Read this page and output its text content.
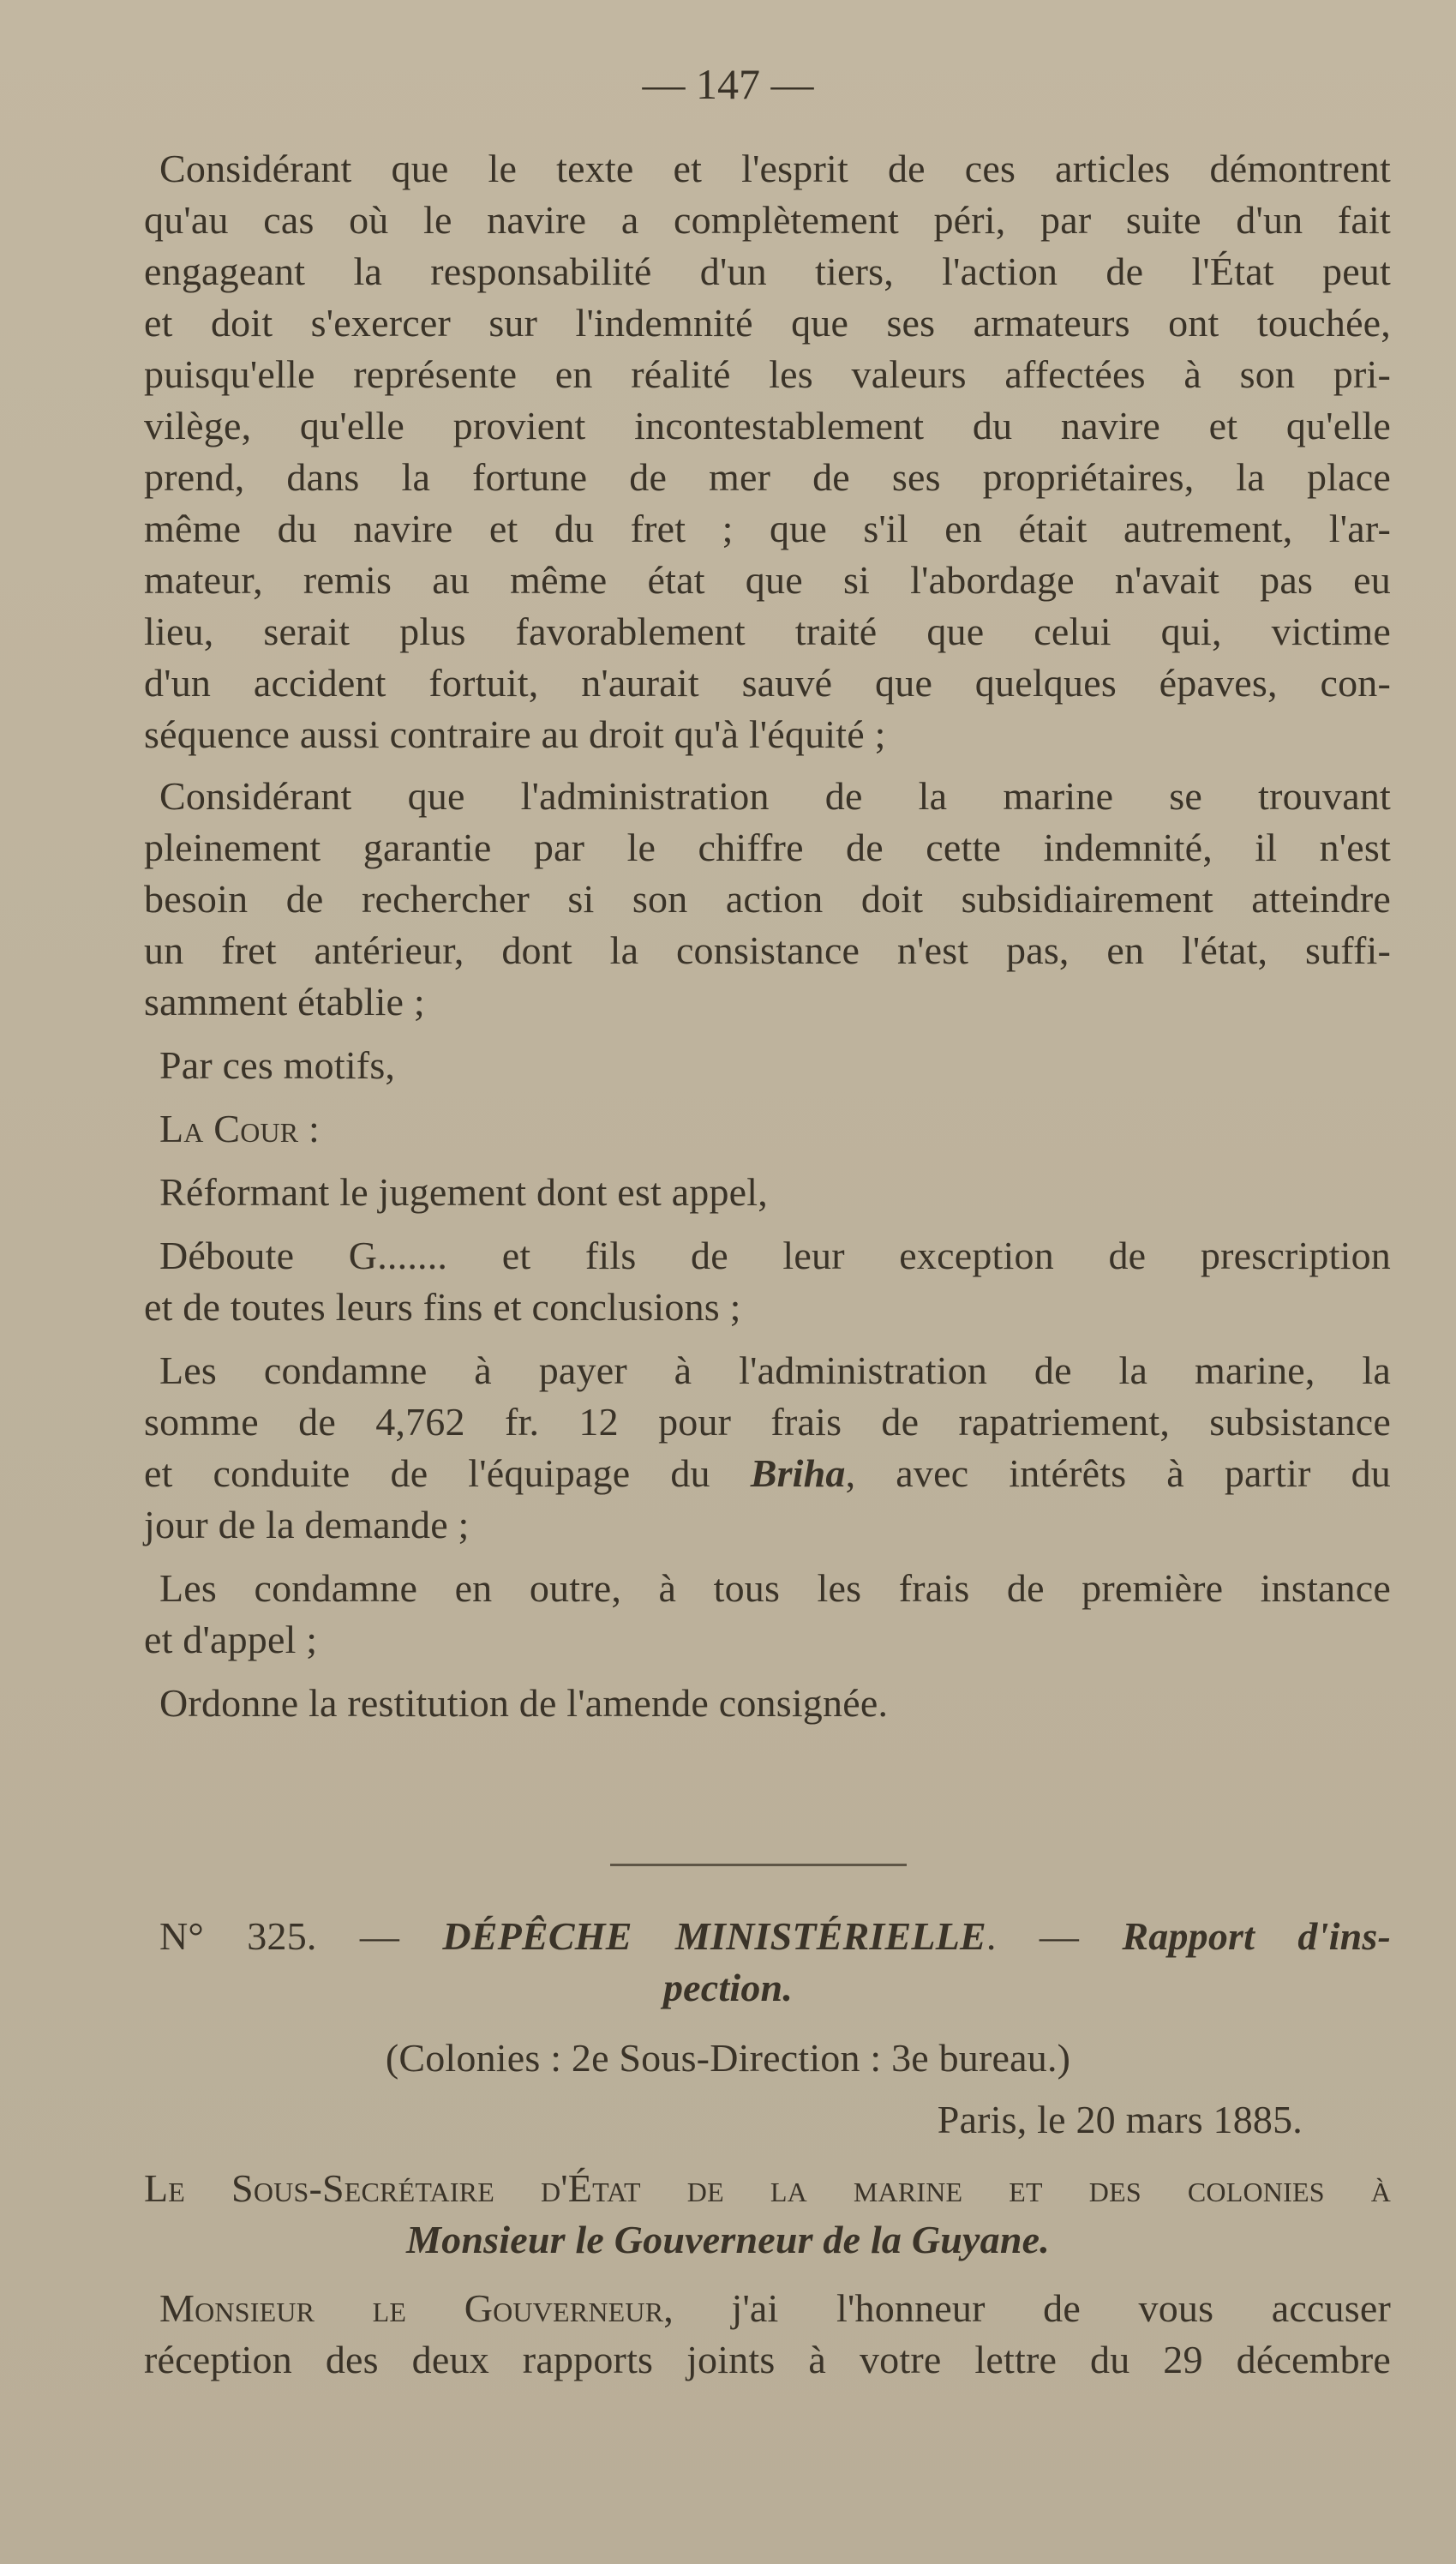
— 147 —

Considérant que le texte et l'esprit de ces articles démontrent

qu'au cas où le navire a complètement péri, par suite d'un fait

engageant la responsabilité d'un tiers, l'action de l'État peut

et doit s'exercer sur l'indemnité que ses armateurs ont touchée,

puisqu'elle représente en réalité les valeurs affectées à son pri-

vilège, qu'elle provient incontestablement du navire et qu'elle

prend, dans la fortune de mer de ses propriétaires, la place

même du navire et du fret ; que s'il en était autrement, l'ar-

mateur, remis au même état que si l'abordage n'avait pas eu

lieu, serait plus favorablement traité que celui qui, victime

d'un accident fortuit, n'aurait sauvé que quelques épaves, con-

séquence aussi contraire au droit qu'à l'équité ;

Considérant que l'administration de la marine se trouvant

pleinement garantie par le chiffre de cette indemnité, il n'est

besoin de rechercher si son action doit subsidiairement atteindre

un fret antérieur, dont la consistance n'est pas, en l'état, suffi-

samment établie ;

Par ces motifs,

La Cour :

Réformant le jugement dont est appel,

Déboute G....... et fils de leur exception de prescription

et de toutes leurs fins et conclusions ;

Les condamne à payer à l'administration de la marine, la

somme de 4,762 fr. 12 pour frais de rapatriement, subsistance

et conduite de l'équipage du Briha, avec intérêts à partir du

jour de la demande ;

Les condamne en outre, à tous les frais de première instance

et d'appel ;

Ordonne la restitution de l'amende consignée.

N° 325. — DÉPÊCHE MINISTÉRIELLE. — Rapport d'ins-

pection.

(Colonies : 2e Sous-Direction : 3e bureau.)

Paris, le 20 mars 1885.

Le Sous-Secrétaire d'État de la marine et des colonies à

Monsieur le Gouverneur de la Guyane.

Monsieur le Gouverneur, j'ai l'honneur de vous accuser

réception des deux rapports joints à votre lettre du 29 décembre
